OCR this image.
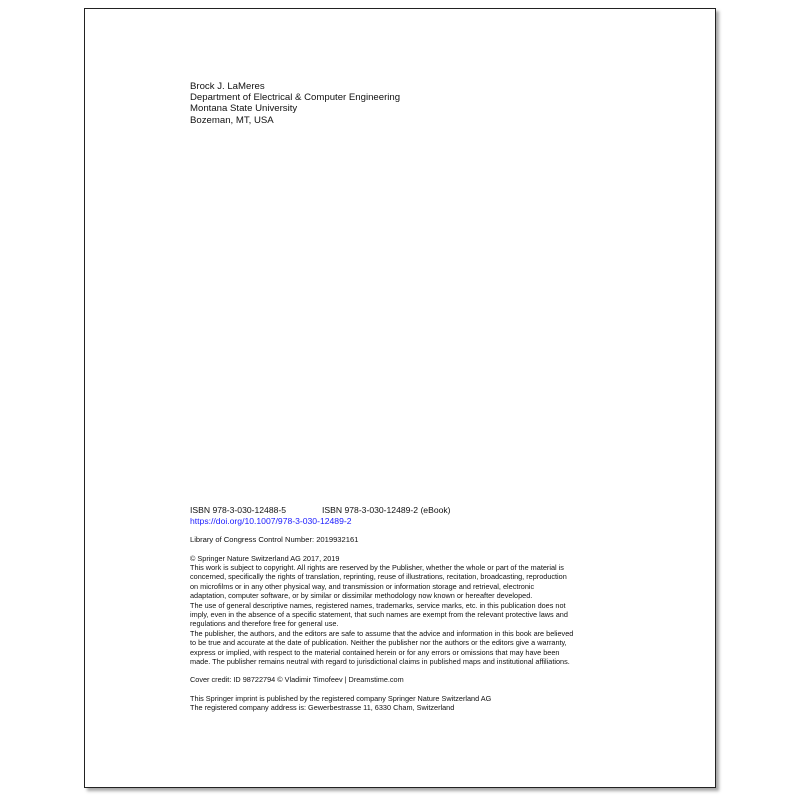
Brock J. LaMeres
Department of Electrical & Computer Engineering
Montana State University
Bozeman, MT, USA
ISBN 978-3-030-12488-5	ISBN 978-3-030-12489-2 (eBook)
https://doi.org/10.1007/978-3-030-12489-2
Library of Congress Control Number: 2019932161
© Springer Nature Switzerland AG 2017, 2019
This work is subject to copyright. All rights are reserved by the Publisher, whether the whole or part of the material is
concerned, specifically the rights of translation, reprinting, reuse of illustrations, recitation, broadcasting, reproduction
on microfilms or in any other physical way, and transmission or information storage and retrieval, electronic
adaptation, computer software, or by similar or dissimilar methodology now known or hereafter developed.
The use of general descriptive names, registered names, trademarks, service marks, etc. in this publication does not
imply, even in the absence of a specific statement, that such names are exempt from the relevant protective laws and
regulations and therefore free for general use.
The publisher, the authors, and the editors are safe to assume that the advice and information in this book are believed
to be true and accurate at the date of publication. Neither the publisher nor the authors or the editors give a warranty,
express or implied, with respect to the material contained herein or for any errors or omissions that may have been
made. The publisher remains neutral with regard to jurisdictional claims in published maps and institutional affiliations.
Cover credit: ID 98722794 © Vladimir Timofeev | Dreamstime.com
This Springer imprint is published by the registered company Springer Nature Switzerland AG
The registered company address is: Gewerbestrasse 11, 6330 Cham, Switzerland
